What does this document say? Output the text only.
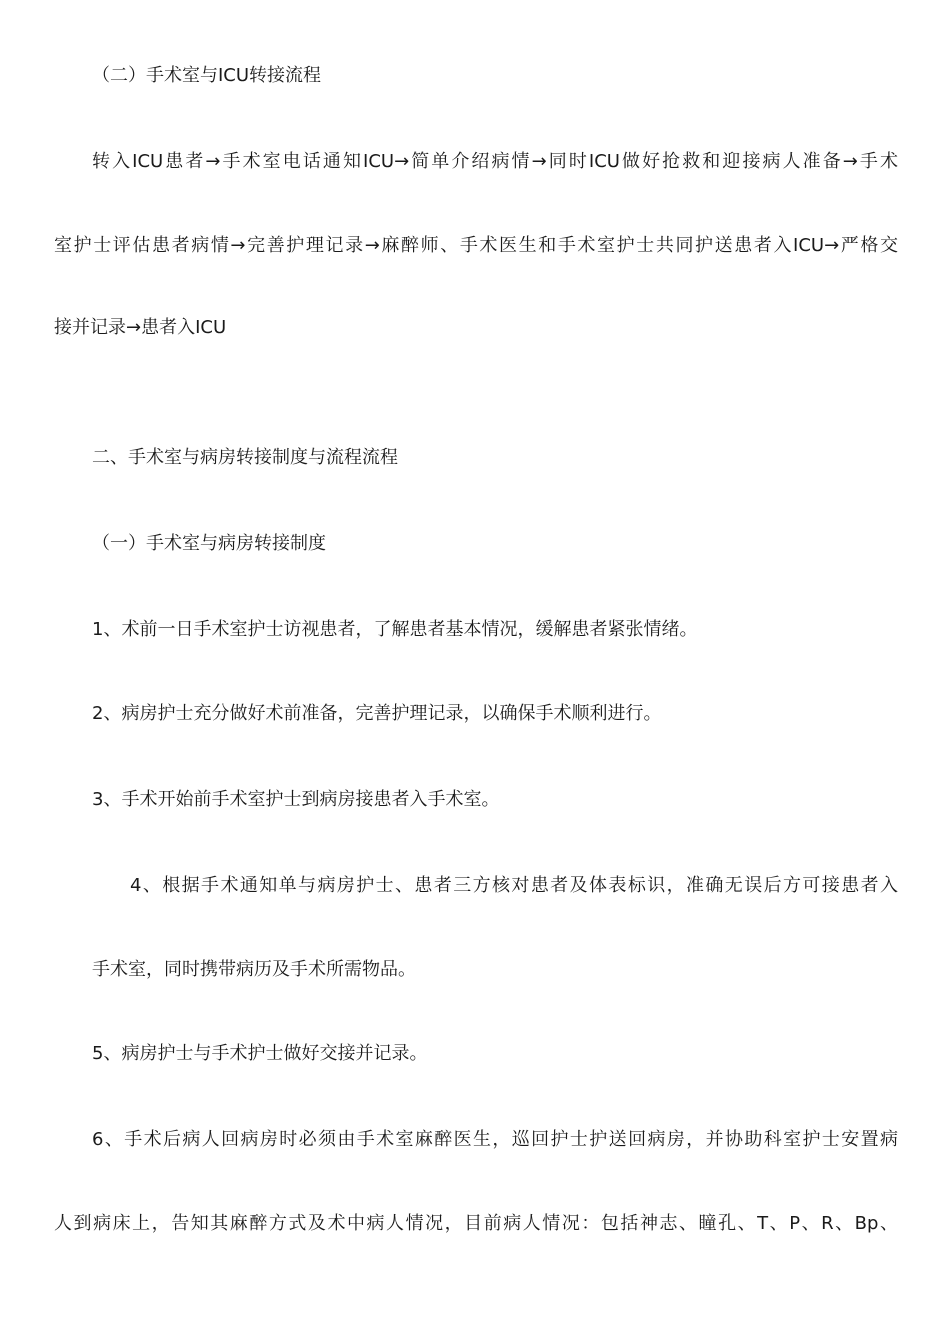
（二）手术室与ICU转接流程

转入ICU患者→手术室电话通知ICU→简单介绍病情→同时ICU做好抢救和迎接病人准备→手术

室护士评估患者病情→完善护理记录→麻醉师、手术医生和手术室护士共同护送患者入ICU→严格交

接并记录→患者入ICU

二、手术室与病房转接制度与流程流程

（一）手术室与病房转接制度

1、术前一日手术室护士访视患者，了解患者基本情况，缓解患者紧张情绪。

2、病房护士充分做好术前准备，完善护理记录，以确保手术顺利进行。

3、手术开始前手术室护士到病房接患者入手术室。

4、根据手术通知单与病房护士、患者三方核对患者及体表标识，准确无误后方可接患者入

手术室，同时携带病历及手术所需物品。

5、病房护士与手术护士做好交接并记录。

6、手术后病人回病房时必须由手术室麻醉医生，巡回护士护送回病房，并协助科室护士安置病

人到病床上，告知其麻醉方式及术中病人情况，目前病人情况：包括神志、瞳孔、T、P、R、Bp、
